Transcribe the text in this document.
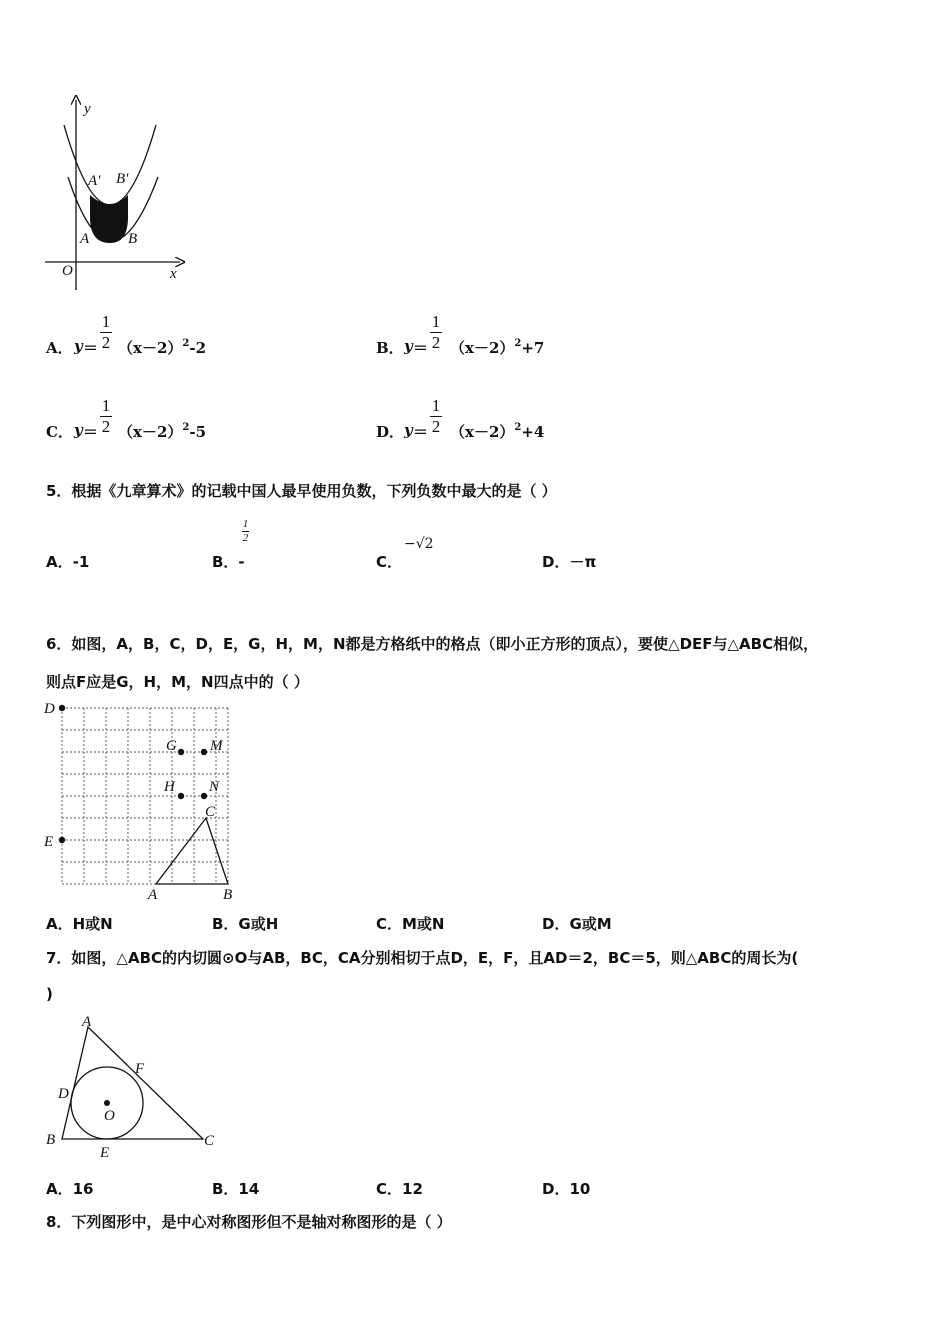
y
x
O
A	B
A' B'
A． y ＝
1
2 $(x-2)^2-2$	B． y ＝
1
2 $(x-2)^2+7$
C． y ＝
1
2 $(x-2)^2-5$	D． y ＝
1
2 $(x-2)^2+4$
5．根据《九章算术》的记载中国人最早使用负数，下列负数中最大的是（ ）
A．-1	B．-
1
2
C．
−√2
D．－π
6．如图，A，B，C，D，E，G，H，M，N都是方格纸中的格点（即小正方形的顶点），要使△DEF与△ABC相似，
则点F应是G，H，M，N四点中的（ ）
D
E
G M
H N
C
A	B
A．H或N	B．G或H	C．M或N	D．G或M
7．如图，△ABC的内切圆⊙O与AB，BC，CA分别相切于点D，E，F，且AD＝2，BC＝5，则△ABC的周长为(
)
A
B	C
D
E
F
O
A．16	B．14	C．12	D．10
8．下列图形中，是中心对称图形但不是轴对称图形的是（ ）
